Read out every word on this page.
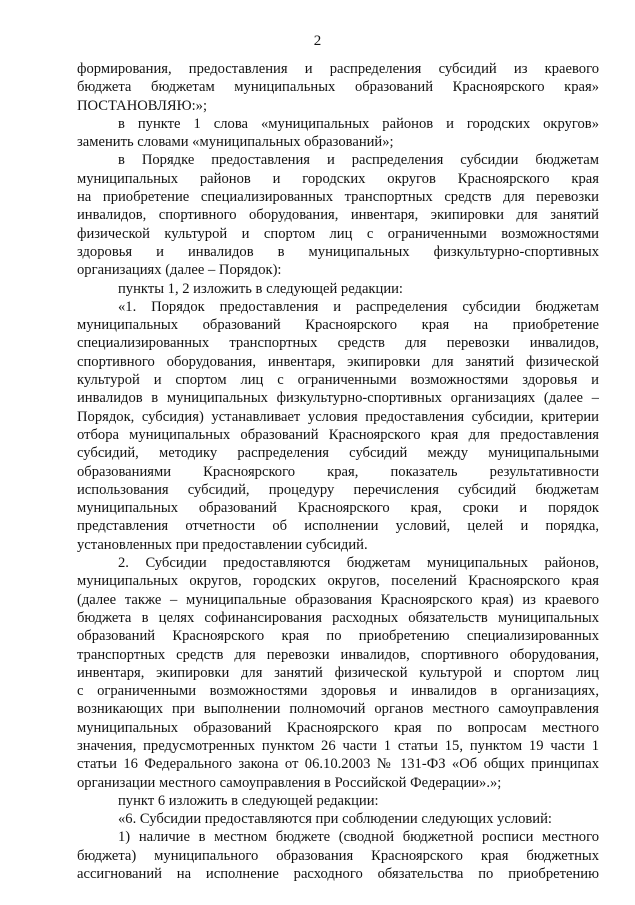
2
формирования, предоставления и распределения субсидий из краевого
бюджета бюджетам муниципальных образований Красноярского края»
ПОСТАНОВЛЯЮ:»;
в пункте 1 слова «муниципальных районов и городских округов»
заменить словами «муниципальных образований»;
в Порядке предоставления и распределения субсидии бюджетам
муниципальных районов и городских округов Красноярского края
на приобретение специализированных транспортных средств для перевозки
инвалидов, спортивного оборудования, инвентаря, экипировки для занятий
физической культурой и спортом лиц с ограниченными возможностями
здоровья и инвалидов в муниципальных физкультурно-спортивных
организациях (далее – Порядок):
пункты 1, 2 изложить в следующей редакции:
«1. Порядок предоставления и распределения субсидии бюджетам
муниципальных образований Красноярского края на приобретение
специализированных транспортных средств для перевозки инвалидов,
спортивного оборудования, инвентаря, экипировки для занятий физической
культурой и спортом лиц с ограниченными возможностями здоровья и
инвалидов в муниципальных физкультурно-спортивных организациях (далее –
Порядок, субсидия) устанавливает условия предоставления субсидии, критерии
отбора муниципальных образований Красноярского края для предоставления
субсидий, методику распределения субсидий между муниципальными
образованиями Красноярского края, показатель результативности
использования субсидий, процедуру перечисления субсидий бюджетам
муниципальных образований Красноярского края, сроки и порядок
представления отчетности об исполнении условий, целей и порядка,
установленных при предоставлении субсидий.
2. Субсидии предоставляются бюджетам муниципальных районов,
муниципальных округов, городских округов, поселений Красноярского края
(далее также – муниципальные образования Красноярского края) из краевого
бюджета в целях софинансирования расходных обязательств муниципальных
образований Красноярского края по приобретению специализированных
транспортных средств для перевозки инвалидов, спортивного оборудования,
инвентаря, экипировки для занятий физической культурой и спортом лиц
с ограниченными возможностями здоровья и инвалидов в организациях,
возникающих при выполнении полномочий органов местного самоуправления
муниципальных образований Красноярского края по вопросам местного
значения, предусмотренных пунктом 26 части 1 статьи 15, пунктом 19 части 1
статьи 16 Федерального закона от 06.10.2003 № 131-ФЗ «Об общих принципах
организации местного самоуправления в Российской Федерации».»;
пункт 6 изложить в следующей редакции:
«6. Субсидии предоставляются при соблюдении следующих условий:
1) наличие в местном бюджете (сводной бюджетной росписи местного
бюджета) муниципального образования Красноярского края бюджетных
ассигнований на исполнение расходного обязательства по приобретению
